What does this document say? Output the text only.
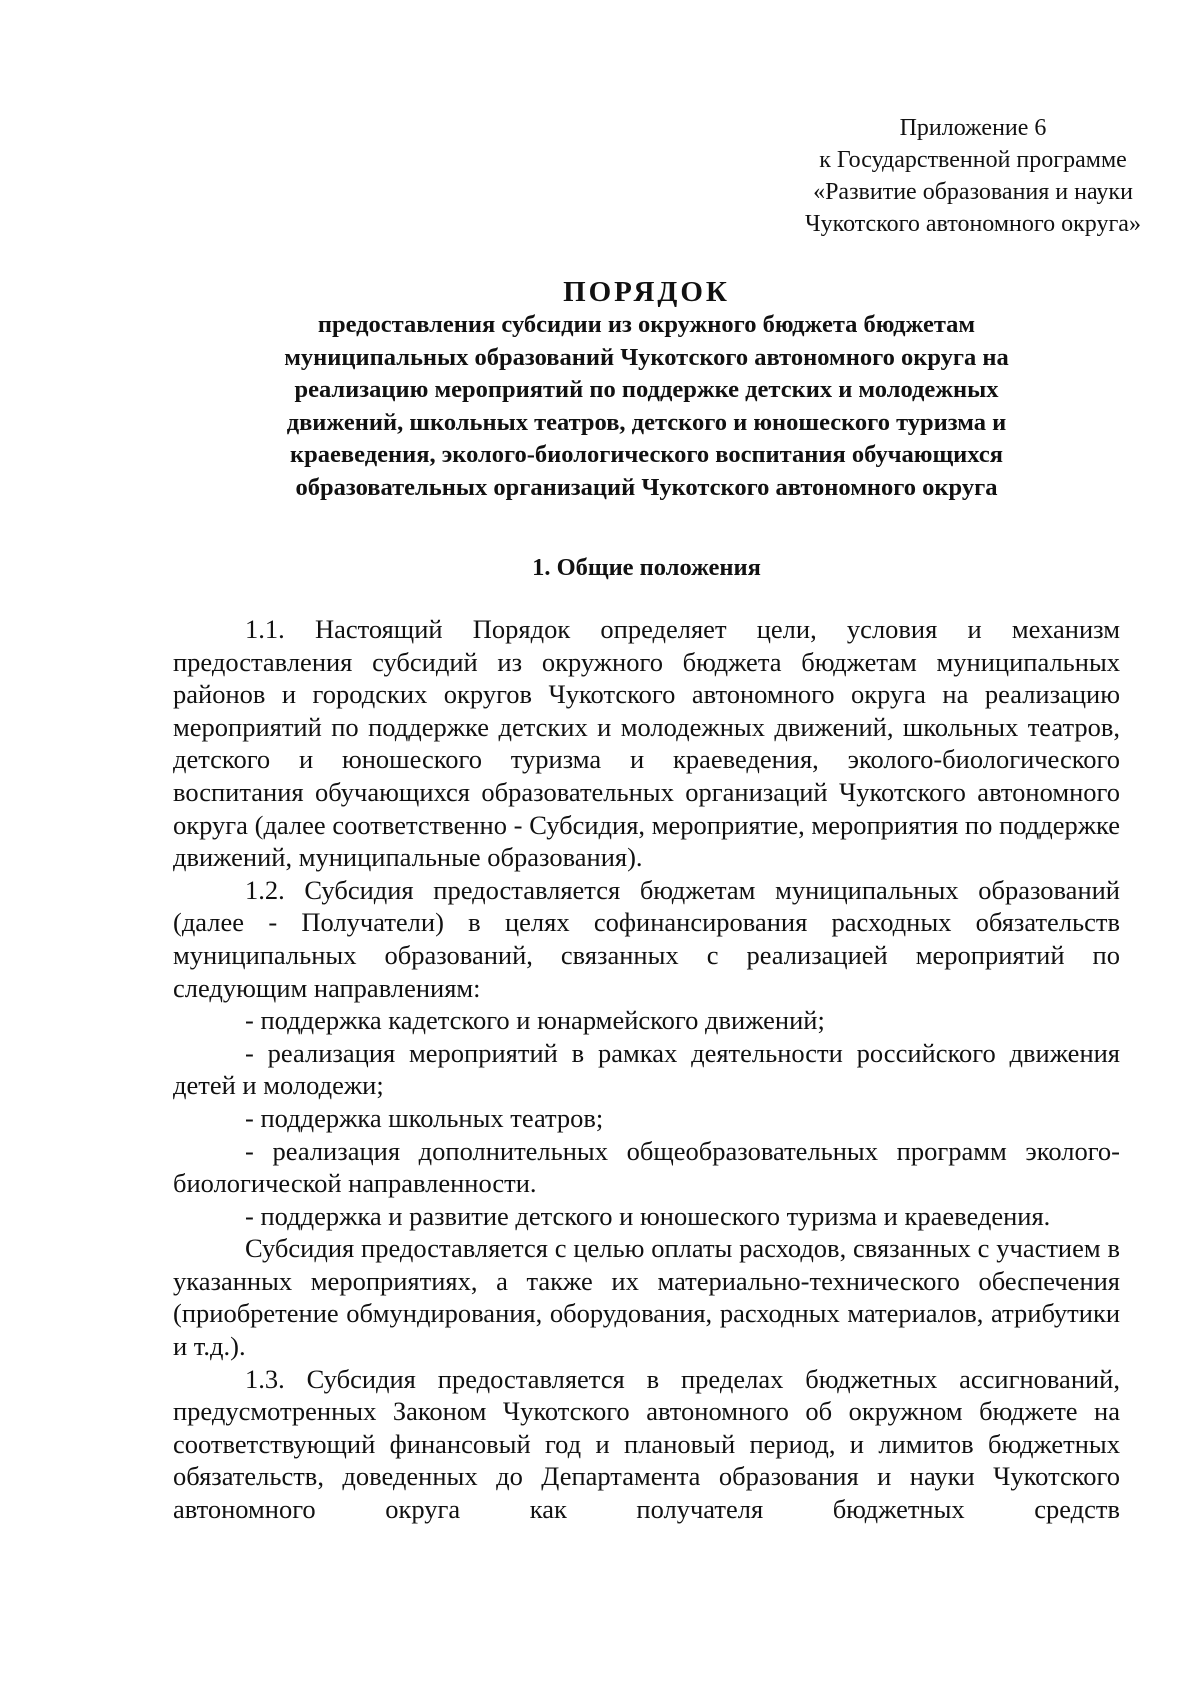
Приложение 6
к Государственной программе
«Развитие образования и науки
Чукотского автономного округа»
ПОРЯДОК
предоставления субсидии из окружного бюджета бюджетам
муниципальных образований Чукотского автономного округа на
реализацию мероприятий по поддержке детских и молодежных
движений, школьных театров, детского и юношеского туризма и
краеведения, эколого-биологического воспитания обучающихся
образовательных организаций Чукотского автономного округа
1. Общие положения

1.1. Настоящий Порядок определяет цели, условия и механизм предоставления субсидий из окружного бюджета бюджетам муниципальных районов и городских округов Чукотского автономного округа на реализацию мероприятий по поддержке детских и молодежных движений, школьных театров, детского и юношеского туризма и краеведения, эколого-биологического воспитания обучающихся образовательных организаций Чукотского автономного округа (далее соответственно - Субсидия, мероприятие, мероприятия по поддержке движений, муниципальные образования).

1.2. Субсидия предоставляется бюджетам муниципальных образований (далее - Получатели) в целях софинансирования расходных обязательств муниципальных образований, связанных с реализацией мероприятий по следующим направлениям:

- поддержка кадетского и юнармейского движений;

- реализация мероприятий в рамках деятельности российского движения детей и молодежи;

- поддержка школьных театров;

- реализация дополнительных общеобразовательных программ эколого-биологической направленности.

- поддержка и развитие детского и юношеского туризма и краеведения.

Субсидия предоставляется с целью оплаты расходов, связанных с участием в указанных мероприятиях, а также их материально-технического обеспечения (приобретение обмундирования, оборудования, расходных материалов, атрибутики и т.д.).

1.3. Субсидия предоставляется в пределах бюджетных ассигнований, предусмотренных Законом Чукотского автономного об окружном бюджете на соответствующий финансовый год и плановый период, и лимитов бюджетных обязательств, доведенных до Департамента образования и науки Чукотского автономного округа как получателя бюджетных средств
